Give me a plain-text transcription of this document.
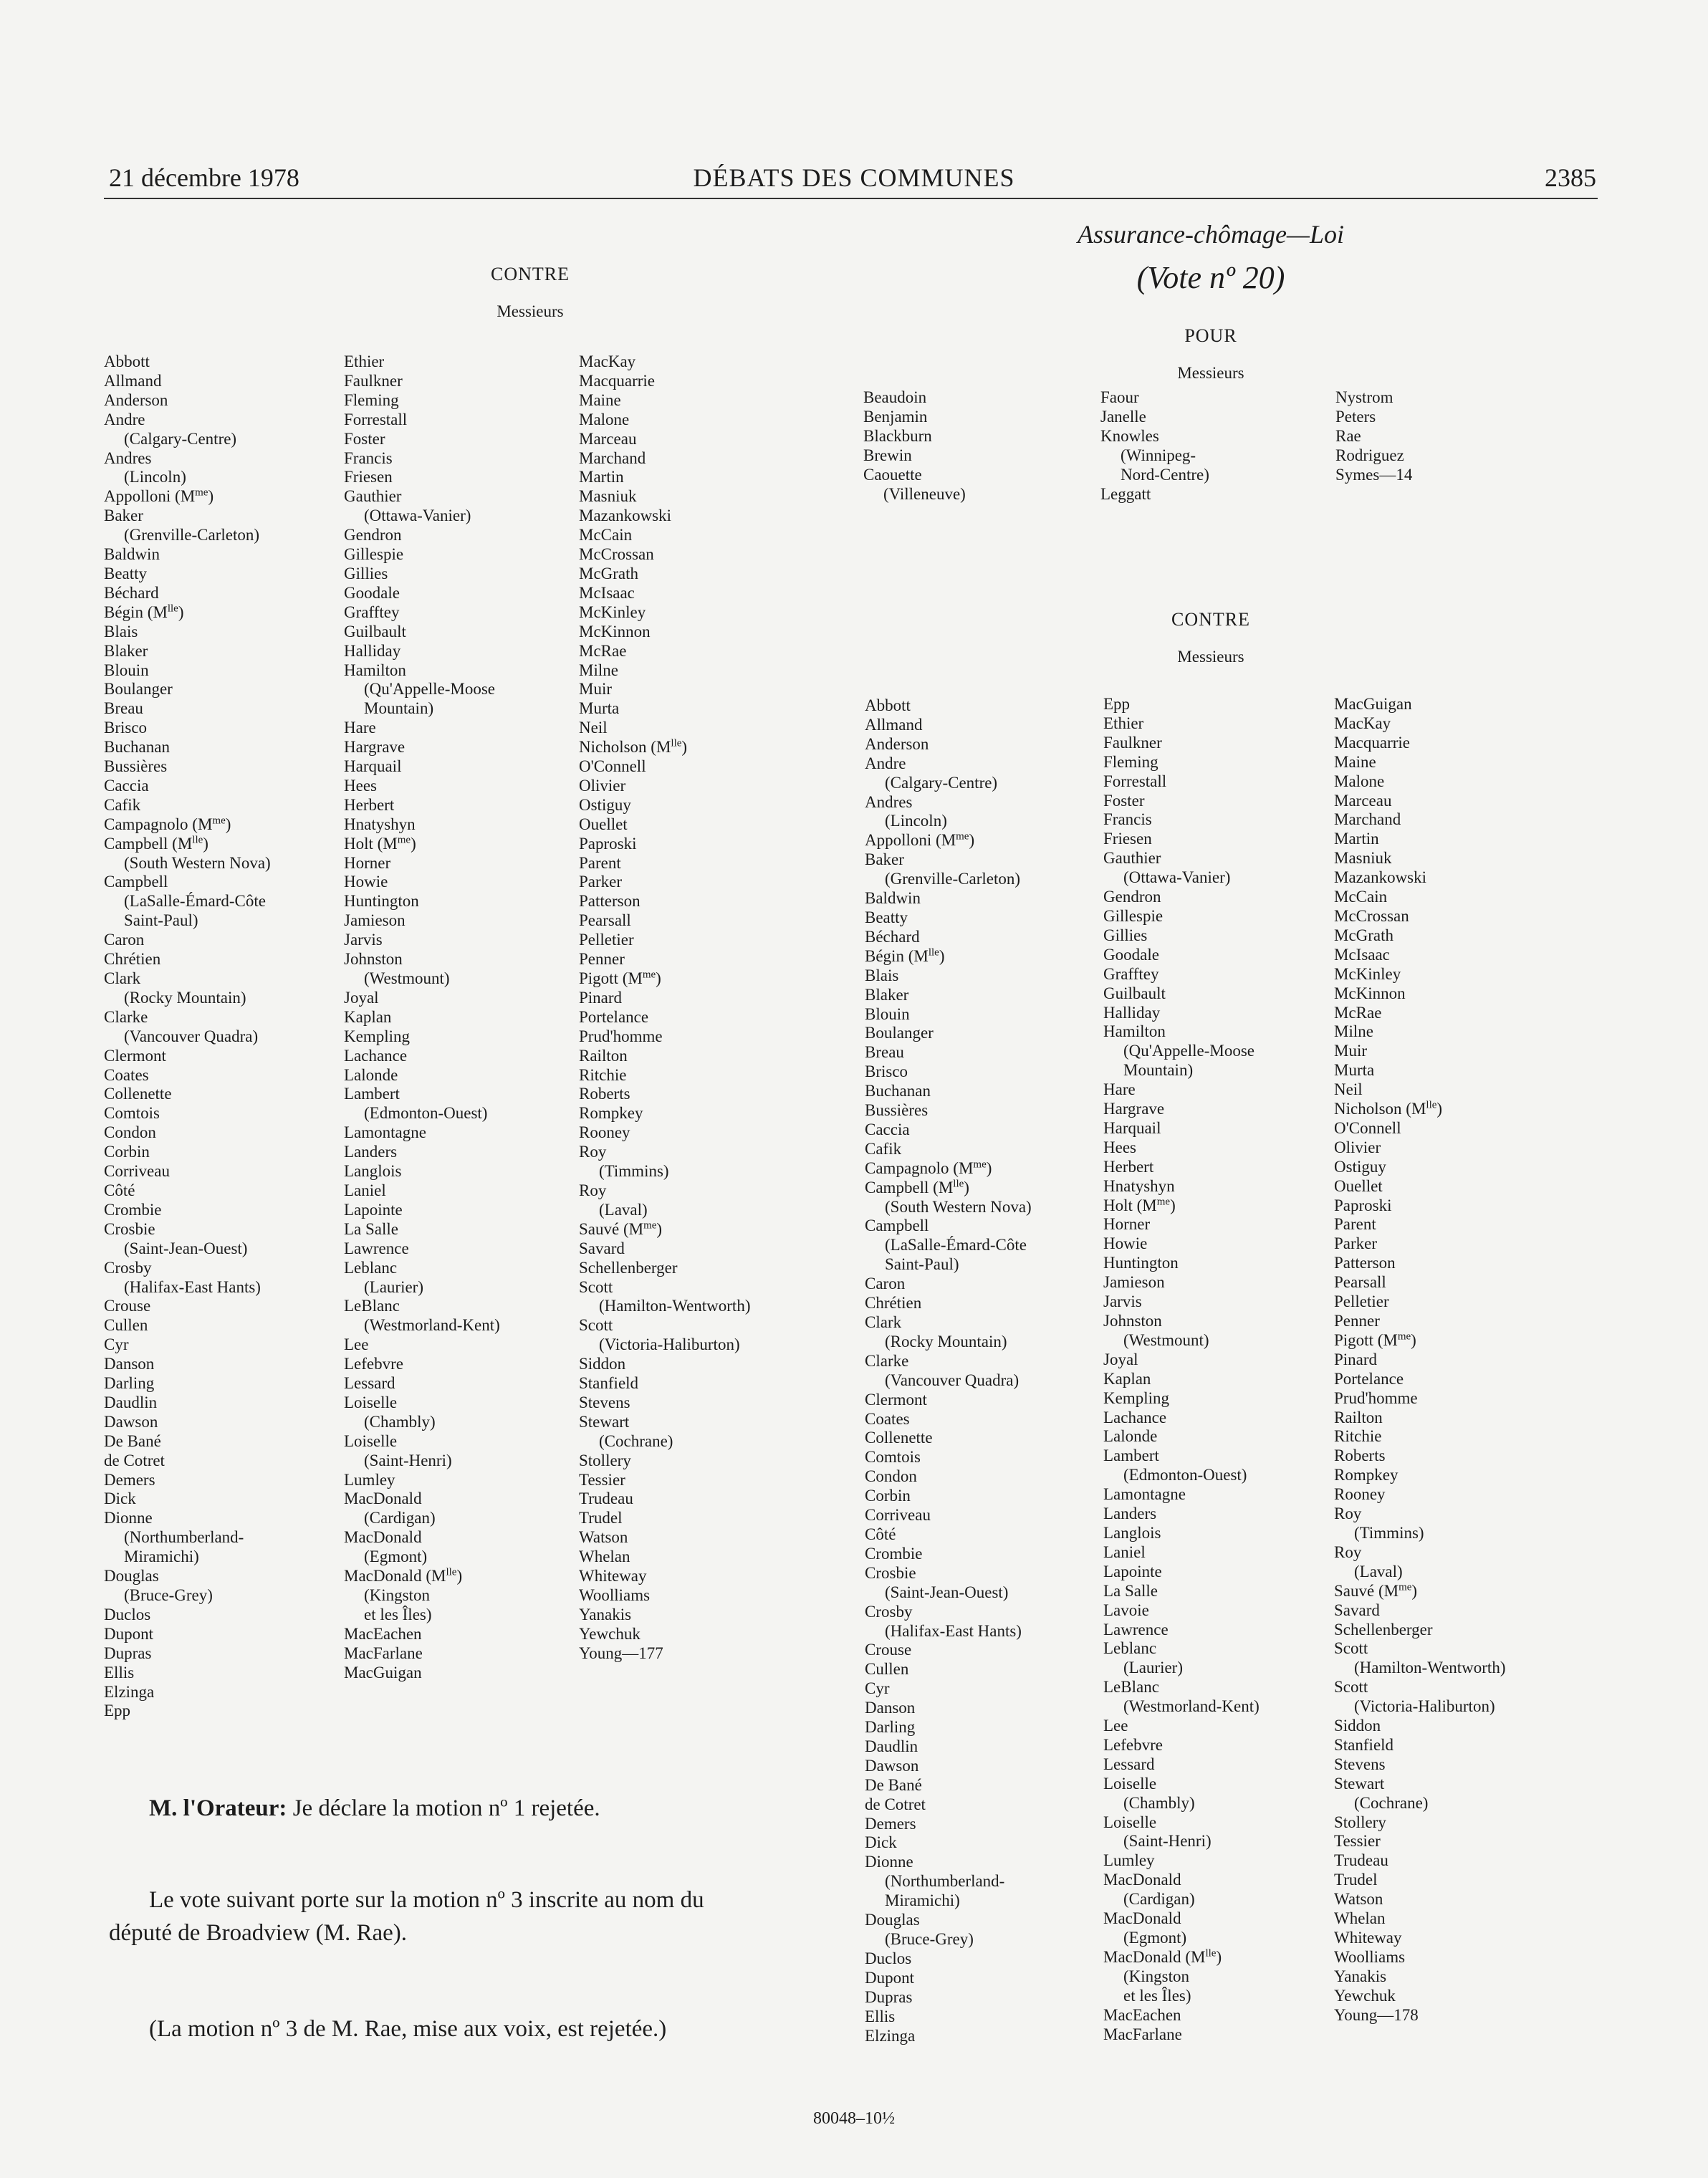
21 décembre 1978	DÉBATS DES COMMUNES	2385
CONTRE
Messieurs
Abbott
Allmand
Anderson
Andre
(Calgary-Centre)
Andres
(Lincoln)
Appolloni $(M^{me})$
Baker
(Grenville-Carleton)
Baldwin
Beatty
Béchard
Bégin $(M^{lle})$
Blais
Blaker
Blouin
Boulanger
Breau
Brisco
Buchanan
Bussières
Caccia
Cafik
Campagnolo $(M^{me})$
Campbell $(M^{lle})$
(South Western Nova)
Campbell
(LaSalle-Émard-Côte
Saint-Paul)
Caron
Chrétien
Clark
(Rocky Mountain)
Clarke
(Vancouver Quadra)
Clermont
Coates
Collenette
Comtois
Condon
Corbin
Corriveau
Côté
Crombie
Crosbie
(Saint-Jean-Ouest)
Crosby
(Halifax-East Hants)
Crouse
Cullen
Cyr
Danson
Darling
Daudlin
Dawson
De Bané
de Cotret
Demers
Dick
Dionne
(Northumberland-
Miramichi)
Douglas
(Bruce-Grey)
Duclos
Dupont
Dupras
Ellis
Elzinga
Epp
Ethier
Faulkner
Fleming
Forrestall
Foster
Francis
Friesen
Gauthier
(Ottawa-Vanier)
Gendron
Gillespie
Gillies
Goodale
Grafftey
Guilbault
Halliday
Hamilton
(Qu'Appelle-Moose
Mountain)
Hare
Hargrave
Harquail
Hees
Herbert
Hnatyshyn
Holt $(M^{me})$
Horner
Howie
Huntington
Jamieson
Jarvis
Johnston
(Westmount)
Joyal
Kaplan
Kempling
Lachance
Lalonde
Lambert
(Edmonton-Ouest)
Lamontagne
Landers
Langlois
Laniel
Lapointe
La Salle
Lawrence
Leblanc
(Laurier)
LeBlanc
(Westmorland-Kent)
Lee
Lefebvre
Lessard
Loiselle
(Chambly)
Loiselle
(Saint-Henri)
Lumley
MacDonald
(Cardigan)
MacDonald
(Egmont)
MacDonald $(M^{lle})$
(Kingston
et les Îles)
MacEachen
MacFarlane
MacGuigan
MacKay
Macquarrie
Maine
Malone
Marceau
Marchand
Martin
Masniuk
Mazankowski
McCain
McCrossan
McGrath
McIsaac
McKinley
McKinnon
McRae
Milne
Muir
Murta
Neil
Nicholson $(M^{lle})$
O'Connell
Olivier
Ostiguy
Ouellet
Paproski
Parent
Parker
Patterson
Pearsall
Pelletier
Penner
Pigott $(M^{me})$
Pinard
Portelance
Prud'homme
Railton
Ritchie
Roberts
Rompkey
Rooney
Roy
(Timmins)
Roy
(Laval)
Sauvé $(M^{me})$
Savard
Schellenberger
Scott
(Hamilton-Wentworth)
Scott
(Victoria-Haliburton)
Siddon
Stanfield
Stevens
Stewart
(Cochrane)
Stollery
Tessier
Trudeau
Trudel
Watson
Whelan
Whiteway
Woolliams
Yanakis
Yewchuk
Young—177
M. l'Orateur: Je déclare la motion nº 1 rejetée.
Le vote suivant porte sur la motion nº 3 inscrite au nom du
député de Broadview (M. Rae).
(La motion nº 3 de M. Rae, mise aux voix, est rejetée.)
Assurance-chômage—Loi
(Vote nº 20)
POUR
Messieurs
Beaudoin
Benjamin
Blackburn
Brewin
Caouette
(Villeneuve)
Faour
Janelle
Knowles
(Winnipeg-
Nord-Centre)
Leggatt
Nystrom
Peters
Rae
Rodriguez
Symes—14
CONTRE
Messieurs
Abbott
Allmand
Anderson
Andre
(Calgary-Centre)
Andres
(Lincoln)
Appolloni $(M^{me})$
Baker
(Grenville-Carleton)
Baldwin
Beatty
Béchard
Bégin $(M^{lle})$
Blais
Blaker
Blouin
Boulanger
Breau
Brisco
Buchanan
Bussières
Caccia
Cafik
Campagnolo $(M^{me})$
Campbell $(M^{lle})$
(South Western Nova)
Campbell
(LaSalle-Émard-Côte
Saint-Paul)
Caron
Chrétien
Clark
(Rocky Mountain)
Clarke
(Vancouver Quadra)
Clermont
Coates
Collenette
Comtois
Condon
Corbin
Corriveau
Côté
Crombie
Crosbie
(Saint-Jean-Ouest)
Crosby
(Halifax-East Hants)
Crouse
Cullen
Cyr
Danson
Darling
Daudlin
Dawson
De Bané
de Cotret
Demers
Dick
Dionne
(Northumberland-
Miramichi)
Douglas
(Bruce-Grey)
Duclos
Dupont
Dupras
Ellis
Elzinga
Epp
Ethier
Faulkner
Fleming
Forrestall
Foster
Francis
Friesen
Gauthier
(Ottawa-Vanier)
Gendron
Gillespie
Gillies
Goodale
Grafftey
Guilbault
Halliday
Hamilton
(Qu'Appelle-Moose
Mountain)
Hare
Hargrave
Harquail
Hees
Herbert
Hnatyshyn
Holt $(M^{me})$
Horner
Howie
Huntington
Jamieson
Jarvis
Johnston
(Westmount)
Joyal
Kaplan
Kempling
Lachance
Lalonde
Lambert
(Edmonton-Ouest)
Lamontagne
Landers
Langlois
Laniel
Lapointe
La Salle
Lavoie
Lawrence
Leblanc
(Laurier)
LeBlanc
(Westmorland-Kent)
Lee
Lefebvre
Lessard
Loiselle
(Chambly)
Loiselle
(Saint-Henri)
Lumley
MacDonald
(Cardigan)
MacDonald
(Egmont)
MacDonald $(M^{lle})$
(Kingston
et les Îles)
MacEachen
MacFarlane
MacGuigan
MacKay
Macquarrie
Maine
Malone
Marceau
Marchand
Martin
Masniuk
Mazankowski
McCain
McCrossan
McGrath
McIsaac
McKinley
McKinnon
McRae
Milne
Muir
Murta
Neil
Nicholson $(M^{lle})$
O'Connell
Olivier
Ostiguy
Ouellet
Paproski
Parent
Parker
Patterson
Pearsall
Pelletier
Penner
Pigott $(M^{me})$
Pinard
Portelance
Prud'homme
Railton
Ritchie
Roberts
Rompkey
Rooney
Roy
(Timmins)
Roy
(Laval)
Sauvé $(M^{me})$
Savard
Schellenberger
Scott
(Hamilton-Wentworth)
Scott
(Victoria-Haliburton)
Siddon
Stanfield
Stevens
Stewart
(Cochrane)
Stollery
Tessier
Trudeau
Trudel
Watson
Whelan
Whiteway
Woolliams
Yanakis
Yewchuk
Young—178
80048–10½
